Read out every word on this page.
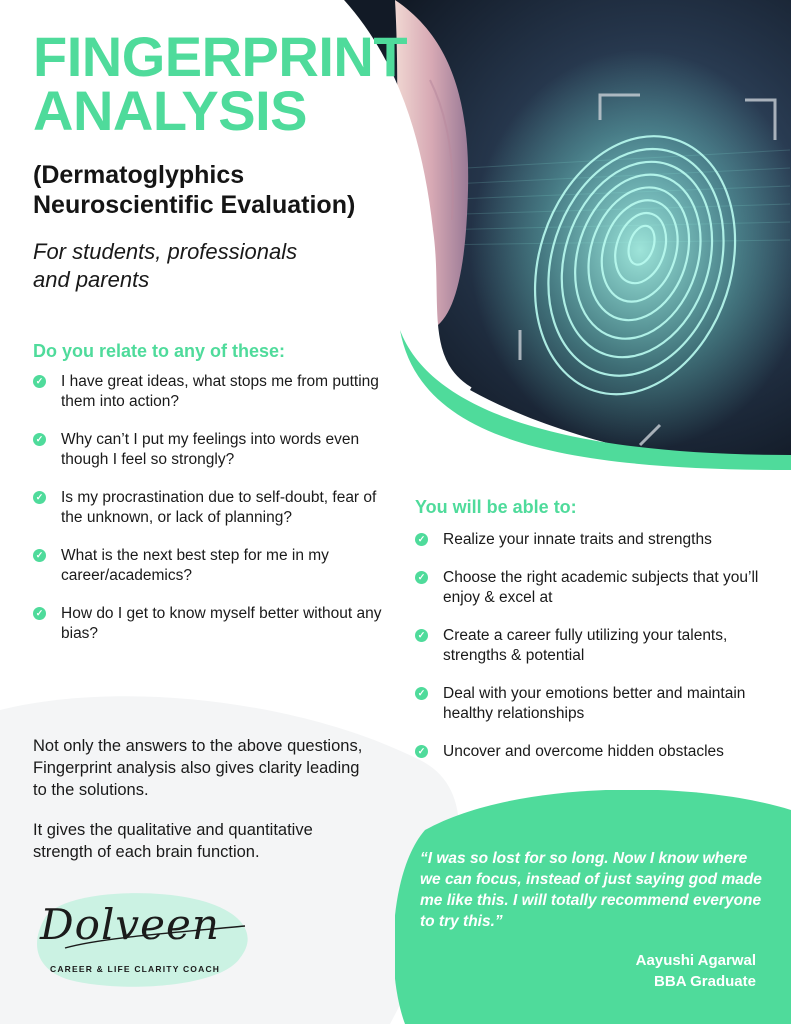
FINGERPRINT
ANALYSIS
(Dermatoglyphics
Neuroscientific Evaluation)

For students, professionals
and parents

Do you relate to any of these:
✓ I have great ideas, what stops me from putting them into action?
✓ Why can’t I put my feelings into words even though I feel so strongly?
✓ Is my procrastination due to self-doubt, fear of the unknown, or lack of planning?
✓ What is the next best step for me in my career/academics?
✓ How do I get to know myself better without any bias?
You will be able to:
✓ Realize your innate traits and strengths
✓ Choose the right academic subjects that you’ll enjoy & excel at
✓ Create a career fully utilizing your talents, strengths & potential
✓ Deal with your emotions better and maintain healthy relationships
✓ Uncover and overcome hidden obstacles

Not only the answers to the above questions, Fingerprint analysis also gives clarity leading to the solutions.

It gives the qualitative and quantitative strength of each brain function.	“I was so lost for so long. Now I know where we can focus, instead of just saying god made me like this. I will totally recommend everyone to try this.”

Aayushi Agarwal
BBA Graduate
Dolveen
CAREER & LIFE CLARITY COACH
